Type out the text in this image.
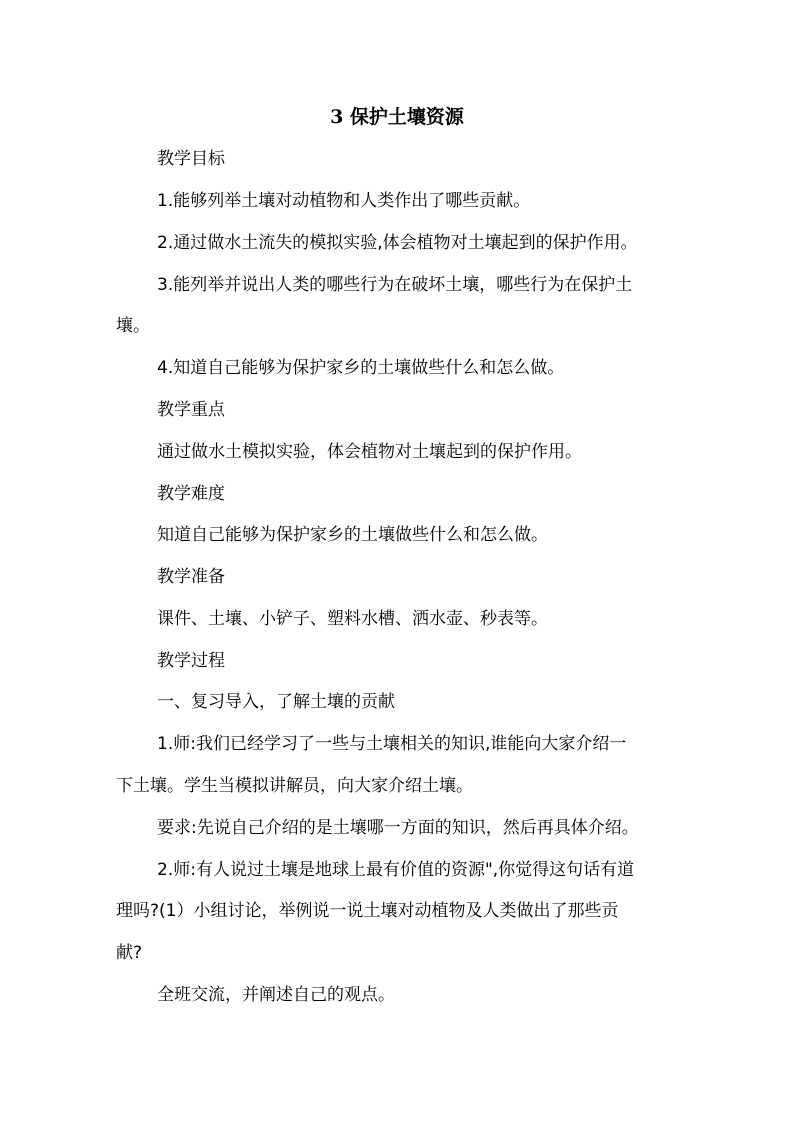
3 保护土壤资源
教学目标
1.能够列举土壤对动植物和人类作出了哪些贡献。
2.通过做水土流失的模拟实验,体会植物对土壤起到的保护作用。
3.能列举并说出人类的哪些行为在破坏土壤，哪些行为在保护土
壤。
4.知道自己能够为保护家乡的土壤做些什么和怎么做。
教学重点
通过做水土模拟实验，体会植物对土壤起到的保护作用。
教学难度
知道自己能够为保护家乡的土壤做些什么和怎么做。
教学准备
课件、土壤、小铲子、塑料水槽、洒水壶、秒表等。
教学过程
一、复习导入，了解土壤的贡献
1.师:我们已经学习了一些与土壤相关的知识,谁能向大家介绍一
下土壤。学生当模拟讲解员，向大家介绍土壤。
要求:先说自己介绍的是土壤哪一方面的知识，然后再具体介绍。
2.师:有人说过土壤是地球上最有价值的资源",你觉得这句话有道
理吗?(1）小组讨论，举例说一说土壤对动植物及人类做出了那些贡
献?
全班交流，并阐述自己的观点。
